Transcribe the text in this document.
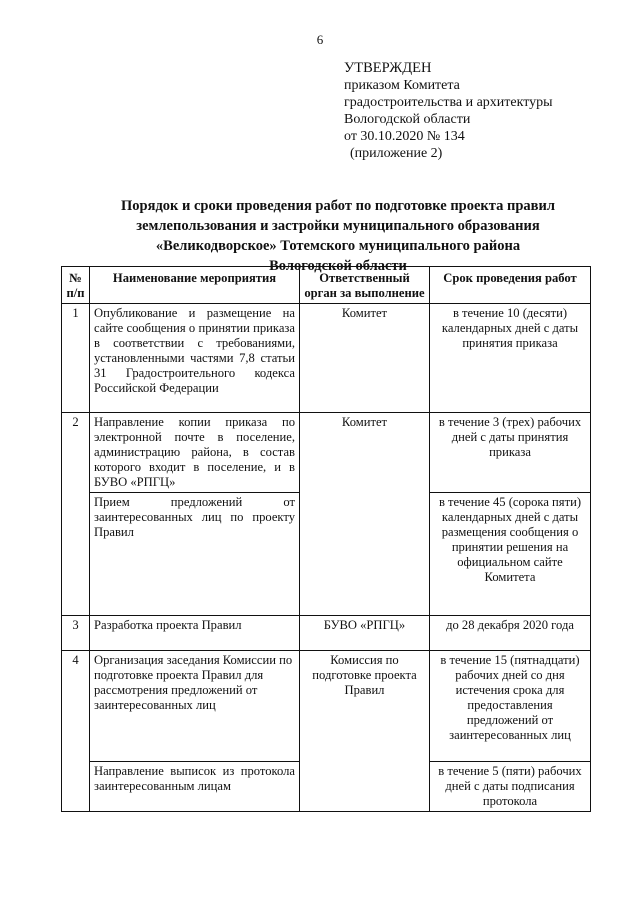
6
УТВЕРЖДЕН
приказом Комитета
градостроительства и архитектуры
Вологодской области
от 30.10.2020 № 134
(приложение 2)
Порядок и сроки проведения работ по подготовке проекта правил
землепользования и застройки муниципального образования
«Великодворское» Тотемского муниципального района
Вологодской области
№ п/п	Наименование мероприятия	Ответственный орган за выполнение	Срок проведения работ
1	Опубликование и размещение на сайте сообщения о принятии приказа в соответствии с требованиями, установленными частями 7,8 статьи 31 Градостроительного кодекса Российской Федерации	Комитет	в течение 10 (десяти) календарных дней с даты принятия приказа
2	Направление копии приказа по электронной почте в поселение, администрацию района, в состав которого входит в поселение, и в БУВО «РПГЦ»	Комитет	в течение 3 (трех) рабочих дней с даты принятия приказа
	Прием предложений от заинтересованных лиц по проекту Правил		в течение 45 (сорока пяти) календарных дней с даты размещения сообщения о принятии решения на официальном сайте Комитета
3	Разработка проекта Правил	БУВО «РПГЦ»	до 28 декабря 2020 года
4	Организация заседания Комиссии по подготовке проекта Правил для рассмотрения предложений от заинтересованных лиц	Комиссия по подготовке проекта Правил	в течение 15 (пятнадцати) рабочих дней со дня истечения срока для предоставления предложений от заинтересованных лиц
	Направление выписок из протокола заинтересованным лицам		в течение 5 (пяти) рабочих дней с даты подписания протокола
